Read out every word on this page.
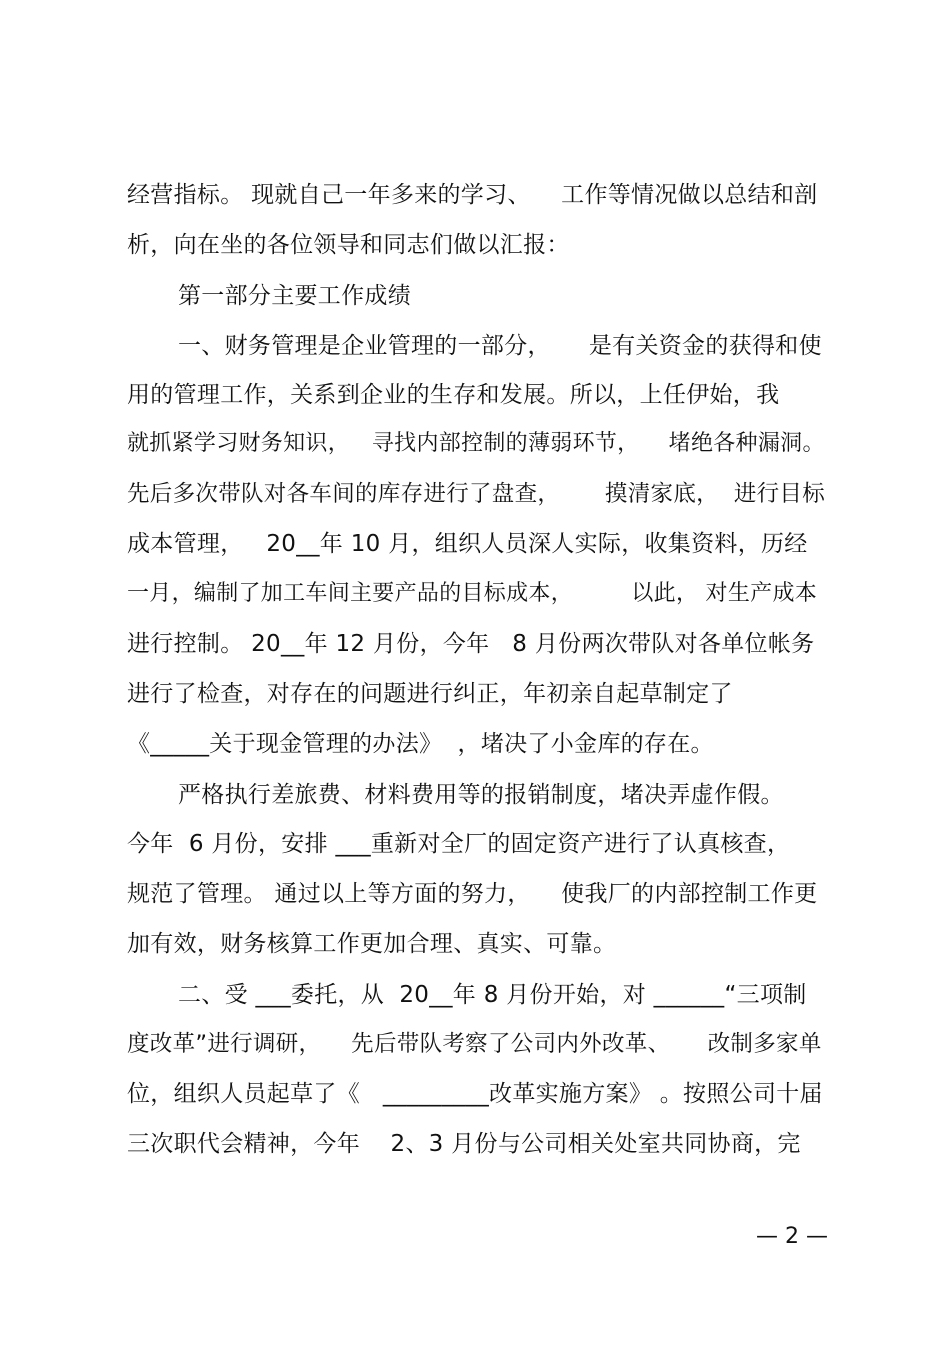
经营指标。 现就自己一年多来的学习、    工作等情况做以总结和剖
析，向在坐的各位领导和同志们做以汇报：
第一部分主要工作成绩
一、财务管理是企业管理的一部分，     是有关资金的获得和使
用的管理工作，关系到企业的生存和发展。所以，上任伊始，我
就抓紧学习财务知识，   寻找内部控制的薄弱环节，    堵绝各种漏洞。
先后多次带队对各车间的库存进行了盘查，      摸清家底，  进行目标
成本管理，   20__年 10 月，组织人员深人实际，收集资料，历经
一月，编制了加工车间主要产品的目标成本，        以此， 对生产成本
进行控制。 20__年 12 月份，今年   8 月份两次带队对各单位帐务
进行了检查，对存在的问题进行纠正，年初亲自起草制定了
《_____关于现金管理的办法》  ，堵决了小金库的存在。
严格执行差旅费、材料费用等的报销制度，堵决弄虚作假。
今年  6 月份，安排 ___重新对全厂的固定资产进行了认真核查，
规范了管理。 通过以上等方面的努力，    使我厂的内部控制工作更
加有效，财务核算工作更加合理、真实、可靠。
二、受 ___委托，从  20__年 8 月份开始，对 ______“三项制
度改革”进行调研，    先后带队考察了公司内外改革、     改制多家单
位，组织人员起草了《   _________改革实施方案》 。按照公司十届
三次职代会精神，今年    2、3 月份与公司相关处室共同协商，完
— 2 —
